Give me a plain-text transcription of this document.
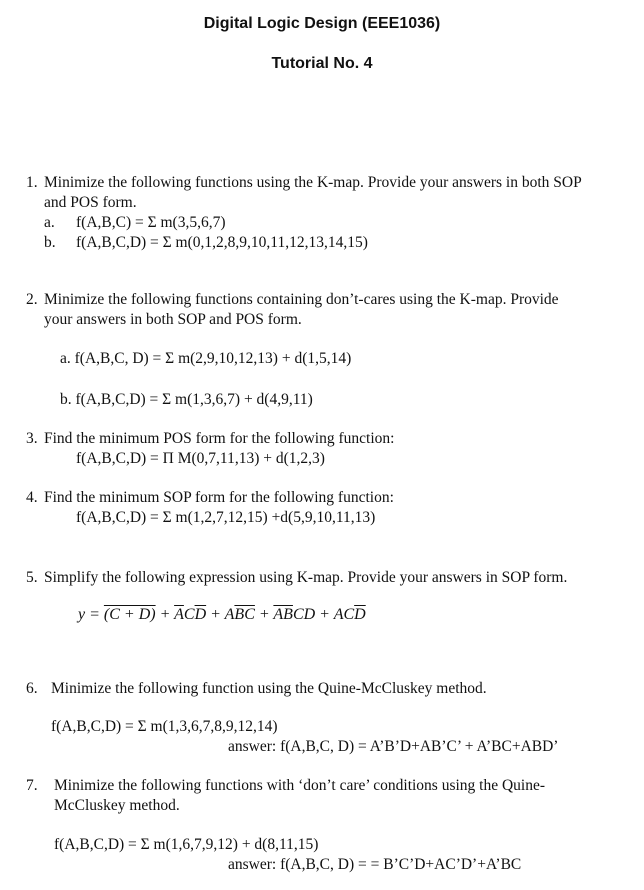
Digital Logic Design (EEE1036)
Tutorial No. 4
1. Minimize the following functions using the K-map. Provide your answers in both SOP
and POS form.
a. f(A,B,C) = Σ m(3,5,6,7)
b. f(A,B,C,D) = Σ m(0,1,2,8,9,10,11,12,13,14,15)
2. Minimize the following functions containing don’t-cares using the K-map. Provide
your answers in both SOP and POS form.
a. f(A,B,C, D) = Σ m(2,9,10,12,13) + d(1,5,14)
b. f(A,B,C,D) = Σ m(1,3,6,7) + d(4,9,11)
3. Find the minimum POS form for the following function:
f(A,B,C,D) = Π M(0,7,11,13) + d(1,2,3)
4. Find the minimum SOP form for the following function:
f(A,B,C,D) = Σ m(1,2,7,12,15) +d(5,9,10,11,13)
5. Simplify the following expression using K-map. Provide your answers in SOP form.
$y = (C + D) + \overline{A}C\overline{D} + A\overline{BC} + \overline{AB}CD + AC\overline{D}$
6. Minimize the following function using the Quine-McCluskey method.
f(A,B,C,D) = Σ m(1,3,6,7,8,9,12,14)
answer: f(A,B,C, D) = A’B’D+AB’C’ + A’BC+ABD’
7. Minimize the following functions with ‘don’t care’ conditions using the Quine-
McCluskey method.
f(A,B,C,D) = Σ m(1,6,7,9,12) + d(8,11,15)
answer: f(A,B,C, D) = = B’C’D+AC’D’+A’BC
